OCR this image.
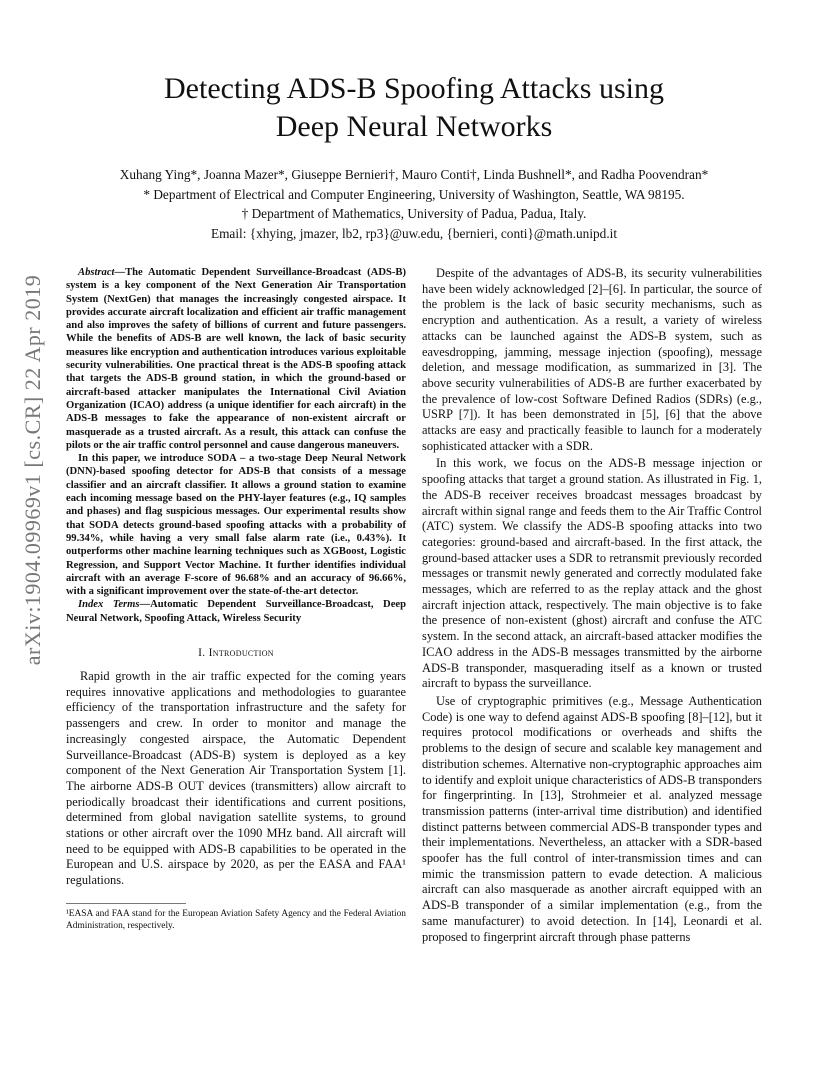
arXiv:1904.09969v1 [cs.CR] 22 Apr 2019
Detecting ADS-B Spoofing Attacks using
Deep Neural Networks
Xuhang Ying*, Joanna Mazer*, Giuseppe Bernieri†, Mauro Conti†, Linda Bushnell*, and Radha Poovendran*
* Department of Electrical and Computer Engineering, University of Washington, Seattle, WA 98195.
† Department of Mathematics, University of Padua, Padua, Italy.
Email: {xhying, jmazer, lb2, rp3}@uw.edu, {bernieri, conti}@math.unipd.it

Abstract—The Automatic Dependent Surveillance-Broadcast (ADS-B) system is a key component of the Next Generation Air Transportation System (NextGen) that manages the increasingly congested airspace. It provides accurate aircraft localization and efficient air traffic management and also improves the safety of billions of current and future passengers. While the benefits of ADS-B are well known, the lack of basic security measures like encryption and authentication introduces various exploitable security vulnerabilities. One practical threat is the ADS-B spoofing attack that targets the ADS-B ground station, in which the ground-based or aircraft-based attacker manipulates the International Civil Aviation Organization (ICAO) address (a unique identifier for each aircraft) in the ADS-B messages to fake the appearance of non-existent aircraft or masquerade as a trusted aircraft. As a result, this attack can confuse the pilots or the air traffic control personnel and cause dangerous maneuvers.

In this paper, we introduce SODA – a two-stage Deep Neural Network (DNN)-based spoofing detector for ADS-B that consists of a message classifier and an aircraft classifier. It allows a ground station to examine each incoming message based on the PHY-layer features (e.g., IQ samples and phases) and flag suspicious messages. Our experimental results show that SODA detects ground-based spoofing attacks with a probability of 99.34%, while having a very small false alarm rate (i.e., 0.43%). It outperforms other machine learning techniques such as XGBoost, Logistic Regression, and Support Vector Machine. It further identifies individual aircraft with an average F-score of 96.68% and an accuracy of 96.66%, with a significant improvement over the state-of-the-art detector.

Index Terms—Automatic Dependent Surveillance-Broadcast, Deep Neural Network, Spoofing Attack, Wireless Security

I. Introduction

Rapid growth in the air traffic expected for the coming years requires innovative applications and methodologies to guarantee efficiency of the transportation infrastructure and the safety for passengers and crew. In order to monitor and manage the increasingly congested airspace, the Automatic Dependent Surveillance-Broadcast (ADS-B) system is deployed as a key component of the Next Generation Air Transportation System [1]. The airborne ADS-B OUT devices (transmitters) allow aircraft to periodically broadcast their identifications and current positions, determined from global navigation satellite systems, to ground stations or other aircraft over the 1090 MHz band. All aircraft will need to be equipped with ADS-B capabilities to be operated in the European and U.S. airspace by 2020, as per the EASA and FAA¹ regulations.

¹EASA and FAA stand for the European Aviation Safety Agency and the Federal Aviation Administration, respectively.

Despite of the advantages of ADS-B, its security vulnerabilities have been widely acknowledged [2]–[6]. In particular, the source of the problem is the lack of basic security mechanisms, such as encryption and authentication. As a result, a variety of wireless attacks can be launched against the ADS-B system, such as eavesdropping, jamming, message injection (spoofing), message deletion, and message modification, as summarized in [3]. The above security vulnerabilities of ADS-B are further exacerbated by the prevalence of low-cost Software Defined Radios (SDRs) (e.g., USRP [7]). It has been demonstrated in [5], [6] that the above attacks are easy and practically feasible to launch for a moderately sophisticated attacker with a SDR.

In this work, we focus on the ADS-B message injection or spoofing attacks that target a ground station. As illustrated in Fig. 1, the ADS-B receiver receives broadcast messages broadcast by aircraft within signal range and feeds them to the Air Traffic Control (ATC) system. We classify the ADS-B spoofing attacks into two categories: ground-based and aircraft-based. In the first attack, the ground-based attacker uses a SDR to retransmit previously recorded messages or transmit newly generated and correctly modulated fake messages, which are referred to as the replay attack and the ghost aircraft injection attack, respectively. The main objective is to fake the presence of non-existent (ghost) aircraft and confuse the ATC system. In the second attack, an aircraft-based attacker modifies the ICAO address in the ADS-B messages transmitted by the airborne ADS-B transponder, masquerading itself as a known or trusted aircraft to bypass the surveillance.

Use of cryptographic primitives (e.g., Message Authentication Code) is one way to defend against ADS-B spoofing [8]–[12], but it requires protocol modifications or overheads and shifts the problems to the design of secure and scalable key management and distribution schemes. Alternative non-cryptographic approaches aim to identify and exploit unique characteristics of ADS-B transponders for fingerprinting. In [13], Strohmeier et al. analyzed message transmission patterns (inter-arrival time distribution) and identified distinct patterns between commercial ADS-B transponder types and their implementations. Nevertheless, an attacker with a SDR-based spoofer has the full control of inter-transmission times and can mimic the transmission pattern to evade detection. A malicious aircraft can also masquerade as another aircraft equipped with an ADS-B transponder of a similar implementation (e.g., from the same manufacturer) to avoid detection. In [14], Leonardi et al. proposed to fingerprint aircraft through phase patterns
